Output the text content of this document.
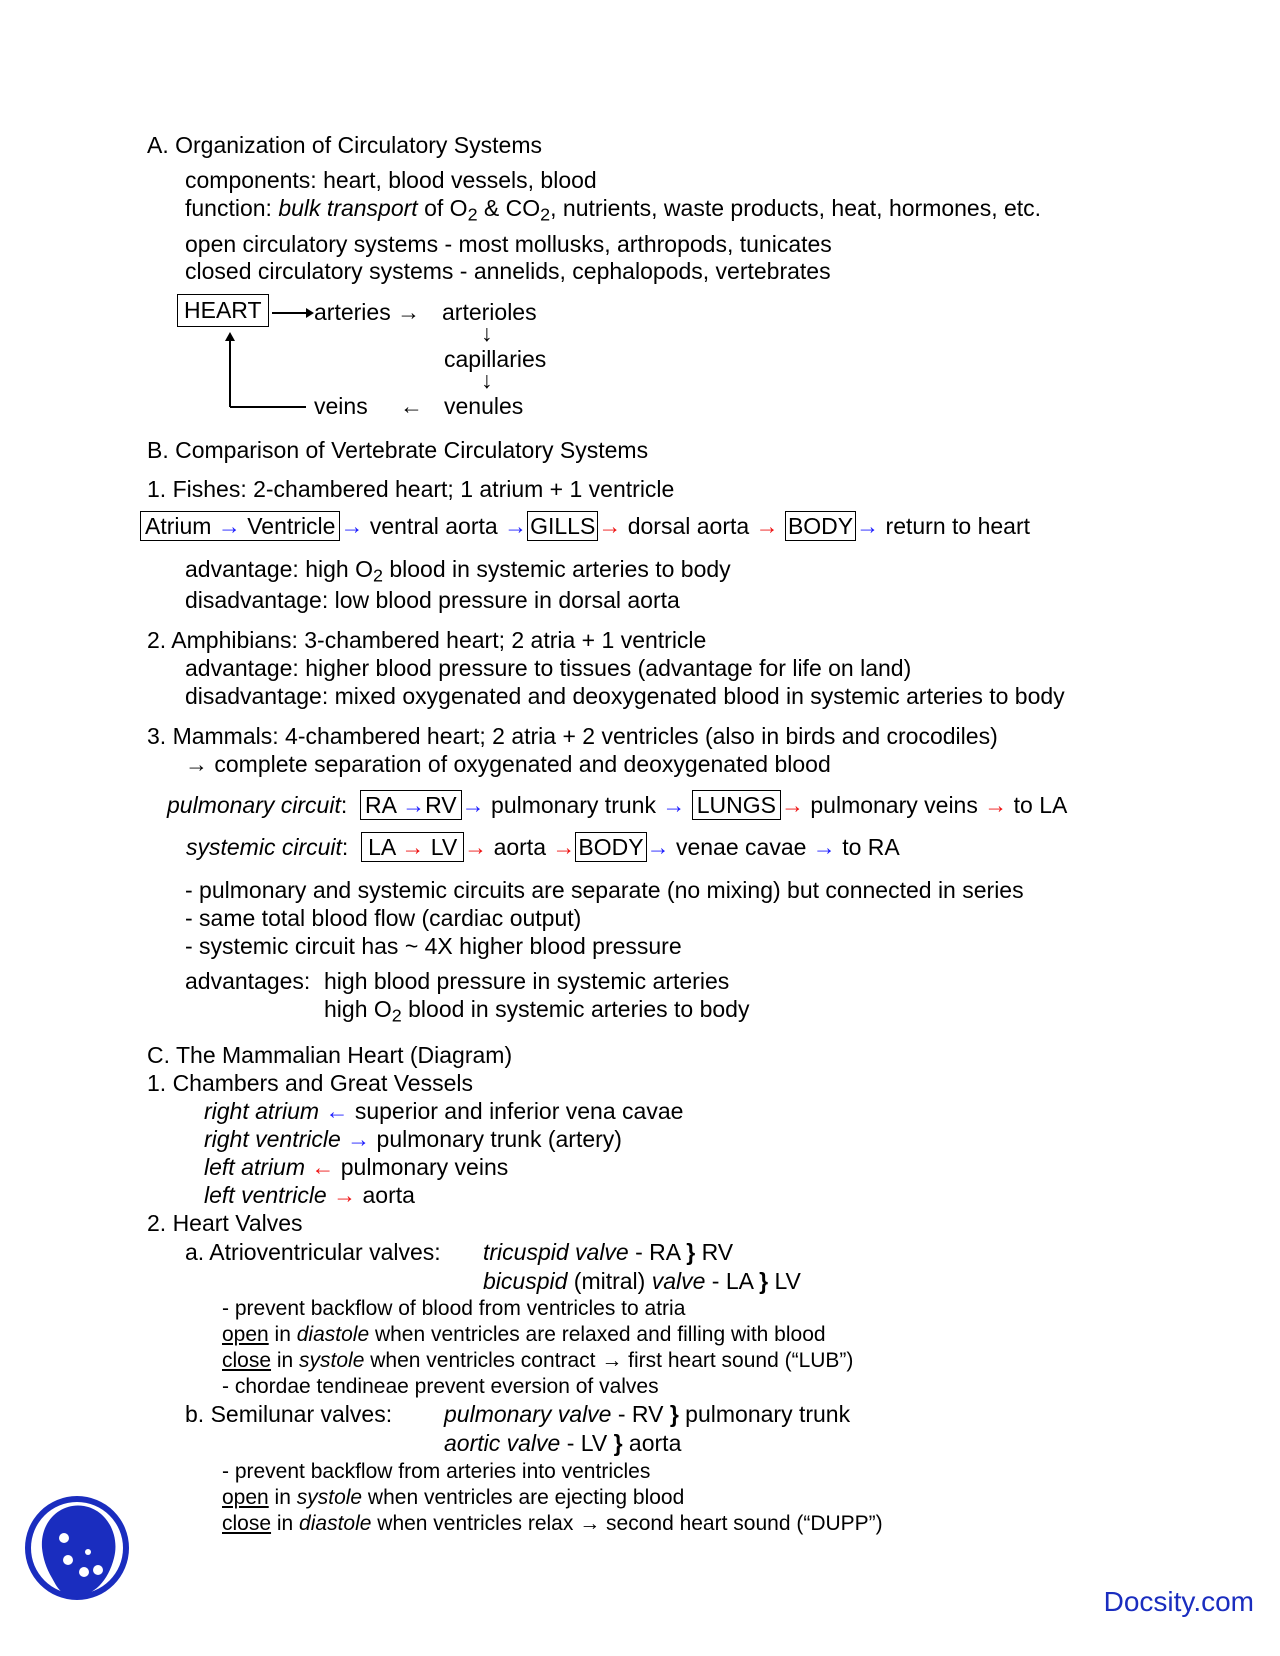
A. Organization of Circulatory Systems
components: heart, blood vessels, blood
function: bulk transport of $O_2$ & $CO_2$, nutrients, waste products, heat, hormones, etc.
open circulatory systems - most mollusks, arthropods, tunicates
closed circulatory systems - annelids, cephalopods, vertebrates
HEART	arteries → arterioles
↓
capillaries
↓
veins ← venules
B. Comparison of Vertebrate Circulatory Systems
1. Fishes: 2-chambered heart; 1 atrium + 1 ventricle
Atrium → Ventricle → ventral aorta → GILLS → dorsal aorta → BODY → return to heart
advantage: high $O_2$ blood in systemic arteries to body
disadvantage: low blood pressure in dorsal aorta
2. Amphibians: 3-chambered heart; 2 atria + 1 ventricle
advantage: higher blood pressure to tissues (advantage for life on land)
disadvantage: mixed oxygenated and deoxygenated blood in systemic arteries to body
3. Mammals: 4-chambered heart; 2 atria + 2 ventricles (also in birds and crocodiles)
→ complete separation of oxygenated and deoxygenated blood
pulmonary circuit: RA →RV → pulmonary trunk → LUNGS → pulmonary veins → to LA
systemic circuit: LA → LV → aorta → BODY → venae cavae → to RA
- pulmonary and systemic circuits are separate (no mixing) but connected in series
- same total blood flow (cardiac output)
- systemic circuit has ~ 4X higher blood pressure
advantages: high blood pressure in systemic arteries
high $O_2$ blood in systemic arteries to body
C. The Mammalian Heart (Diagram)
1. Chambers and Great Vessels
right atrium ← superior and inferior vena cavae
right ventricle → pulmonary trunk (artery)
left atrium ← pulmonary veins
left ventricle → aorta
2. Heart Valves
a. Atrioventricular valves: tricuspid valve - RA } RV
bicuspid (mitral) valve - LA } LV
- prevent backflow of blood from ventricles to atria
open in diastole when ventricles are relaxed and filling with blood
close in systole when ventricles contract → first heart sound (“LUB”)
- chordae tendineae prevent eversion of valves
b. Semilunar valves: pulmonary valve - RV } pulmonary trunk
aortic valve - LV } aorta
- prevent backflow from arteries into ventricles
open in systole when ventricles are ejecting blood
close in diastole when ventricles relax → second heart sound (“DUPP”)
Docsity.com
